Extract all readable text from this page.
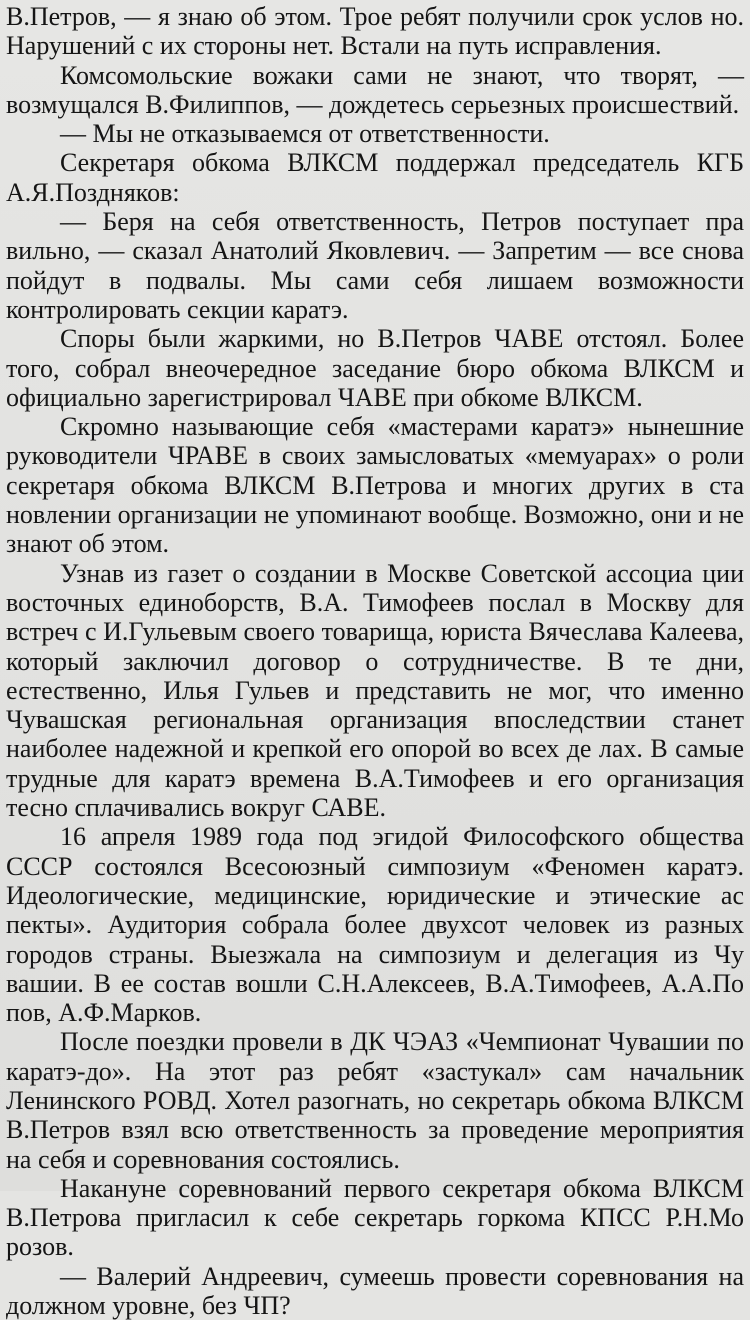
В.Петров, — я знаю об этом. Трое ребят получили срок услов но. Нарушений с их стороны нет. Встали на путь исправления.

Комсомольские вожаки сами не знают, что творят, — возмущался В.Филиппов, — дождетесь серьезных происшествий.

— Мы не отказываемся от ответственности.

Секретаря обкома ВЛКСМ поддержал председатель КГБ А.Я.Поздняков:

— Беря на себя ответственность, Петров поступает пра вильно, — сказал Анатолий Яковлевич. — Запретим — все снова пойдут в подвалы. Мы сами себя лишаем возможности контролировать секции каратэ.

Споры были жаркими, но В.Петров ЧАВЕ отстоял. Более того, собрал внеочередное заседание бюро обкома ВЛКСМ и официально зарегистрировал ЧАВЕ при обкоме ВЛКСМ.

Скромно называющие себя «мастерами каратэ» нынешние руководители ЧРАВЕ в своих замысловатых «мемуарах» о роли секретаря обкома ВЛКСМ В.Петрова и многих других в ста новлении организации не упоминают вообще. Возможно, они и не знают об этом.

Узнав из газет о создании в Москве Советской ассоциа ции восточных единоборств, В.А. Тимофеев послал в Москву для встреч с И.Гульевым своего товарища, юриста Вячеслава Калеева, который заключил договор о сотрудничестве. В те дни, естественно, Илья Гульев и представить не мог, что именно Чувашская региональная организация впоследствии станет наиболее надежной и крепкой его опорой во всех де лах. В самые трудные для каратэ времена В.А.Тимофеев и его организация тесно сплачивались вокруг САВЕ.

16 апреля 1989 года под эгидой Философского общества СССР состоялся Всесоюзный симпозиум «Феномен каратэ. Идеологические, медицинские, юридические и этические ас пекты». Аудитория собрала более двухсот человек из разных городов страны. Выезжала на симпозиум и делегация из Чу вашии. В ее состав вошли С.Н.Алексеев, В.А.Тимофеев, А.А.По пов, А.Ф.Марков.

После поездки провели в ДК ЧЭАЗ «Чемпионат Чувашии по каратэ-до». На этот раз ребят «застукал» сам начальник Ленинского РОВД. Хотел разогнать, но секретарь обкома ВЛКСМ В.Петров взял всю ответственность за проведение мероприятия на себя и соревнования состоялись.

Накануне соревнований первого секретаря обкома ВЛКСМ В.Петрова пригласил к себе секретарь горкома КПСС Р.Н.Мо розов.

— Валерий Андреевич, сумеешь провести соревнования на должном уровне, без ЧП?
